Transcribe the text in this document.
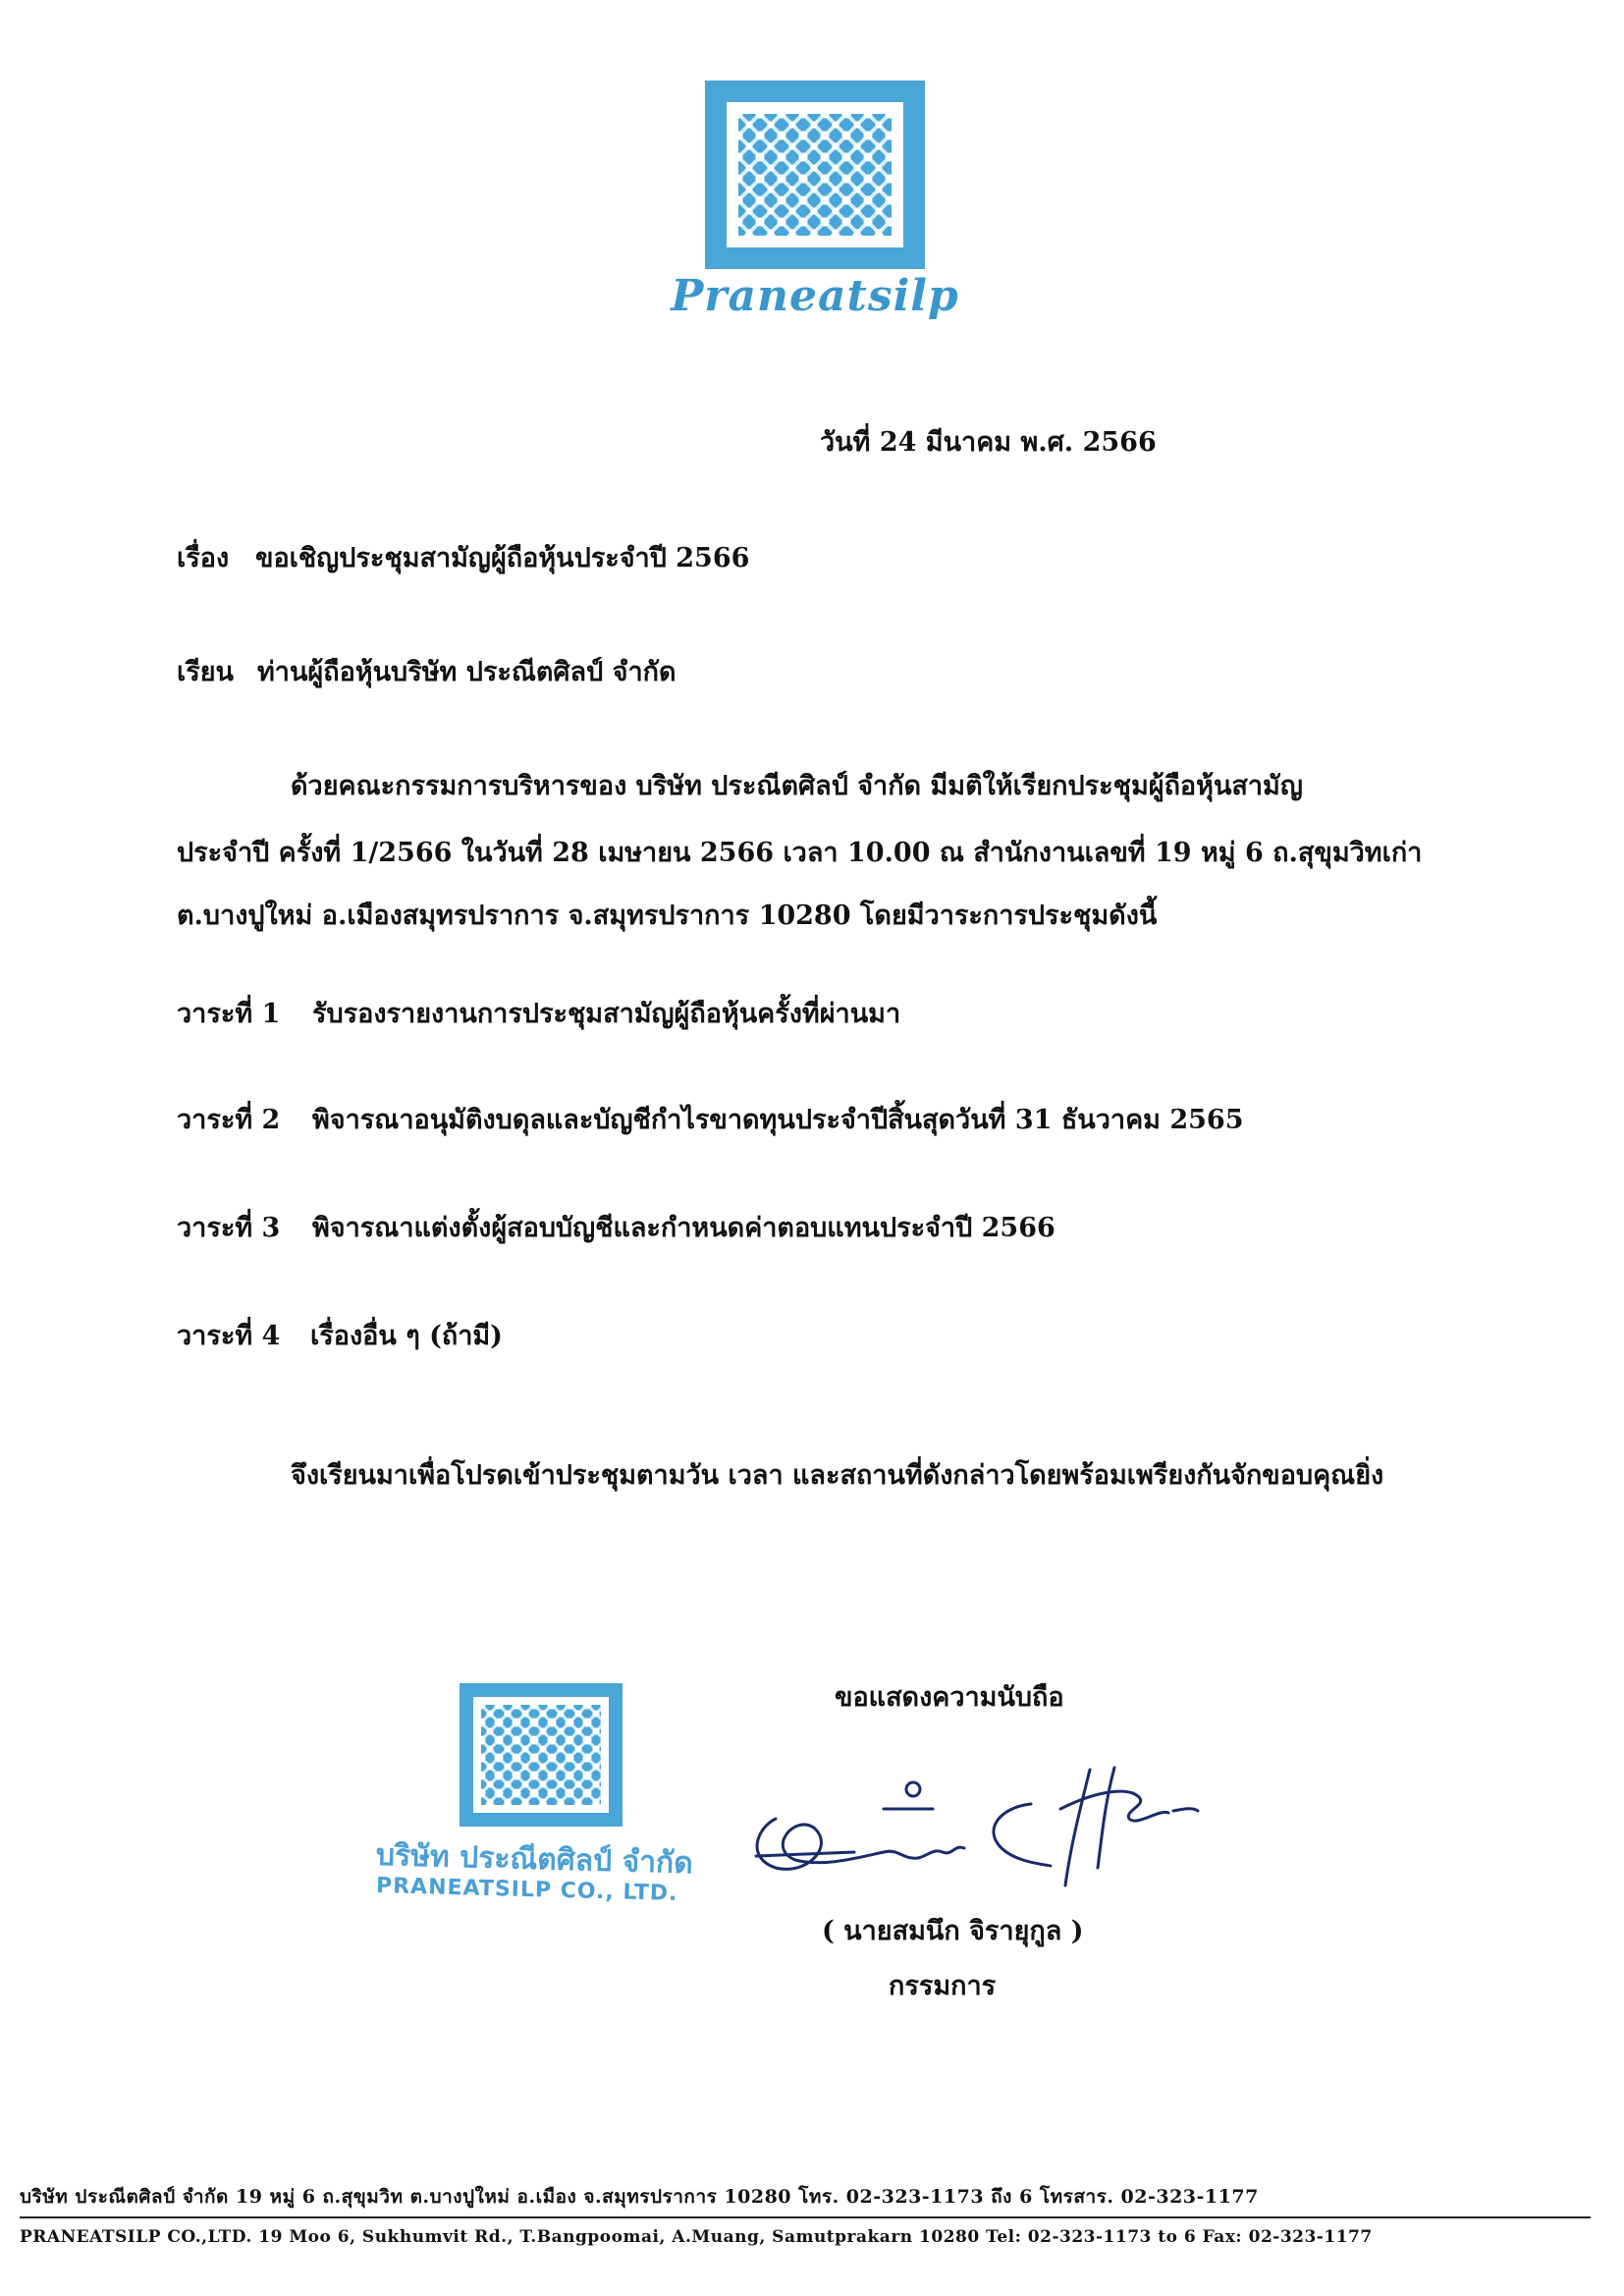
Praneatsilp
วันที่ 24 มีนาคม พ.ศ. 2566
เรื่อง ขอเชิญประชุมสามัญผู้ถือหุ้นประจำปี 2566
เรียน ท่านผู้ถือหุ้นบริษัท ประณีตศิลป์ จำกัด
ด้วยคณะกรรมการบริหารของ บริษัท ประณีตศิลป์ จำกัด มีมติให้เรียกประชุมผู้ถือหุ้นสามัญ
ประจำปี ครั้งที่ 1/2566 ในวันที่ 28 เมษายน 2566 เวลา 10.00 ณ สำนักงานเลขที่ 19 หมู่ 6 ถ.สุขุมวิทเก่า
ต.บางปูใหม่ อ.เมืองสมุทรปราการ จ.สมุทรปราการ 10280 โดยมีวาระการประชุมดังนี้
วาระที่ 1 รับรองรายงานการประชุมสามัญผู้ถือหุ้นครั้งที่ผ่านมา
วาระที่ 2 พิจารณาอนุมัติงบดุลและบัญชีกำไรขาดทุนประจำปีสิ้นสุดวันที่ 31 ธันวาคม 2565
วาระที่ 3 พิจารณาแต่งตั้งผู้สอบบัญชีและกำหนดค่าตอบแทนประจำปี 2566
วาระที่ 4 เรื่องอื่น ๆ (ถ้ามี)
จึงเรียนมาเพื่อโปรดเข้าประชุมตามวัน เวลา และสถานที่ดังกล่าวโดยพร้อมเพรียงกันจักขอบคุณยิ่ง
ขอแสดงความนับถือ
บริษัท ประณีตศิลป์ จำกัด
PRANEATSILP CO., LTD.
( นายสมนึก จิรายุกูล )
กรรมการ
บริษัท ประณีตศิลป์ จำกัด 19 หมู่ 6 ถ.สุขุมวิท ต.บางปูใหม่ อ.เมือง จ.สมุทรปราการ 10280 โทร. 02-323-1173 ถึง 6 โทรสาร. 02-323-1177
PRANEATSILP CO.,LTD. 19 Moo 6, Sukhumvit Rd., T.Bangpoomai, A.Muang, Samutprakarn 10280 Tel: 02-323-1173 to 6 Fax: 02-323-1177
